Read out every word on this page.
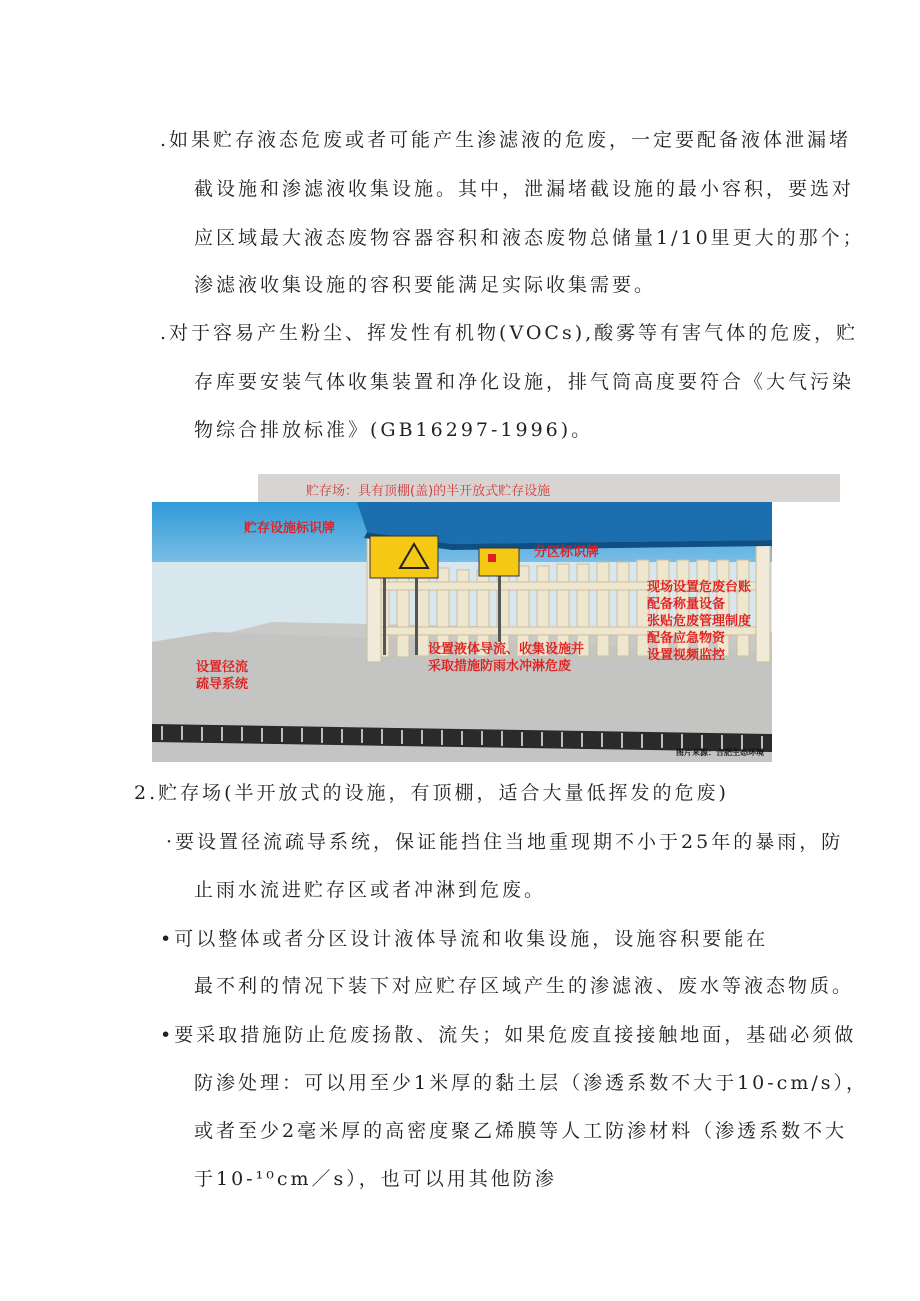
.如果贮存液态危废或者可能产生渗滤液的危废，一定要配备液体泄漏堵
截设施和渗滤液收集设施。其中，泄漏堵截设施的最小容积，要选对
应区域最大液态废物容器容积和液态废物总储量1/10里更大的那个；
渗滤液收集设施的容积要能满足实际收集需要。
.对于容易产生粉尘、挥发性有机物(VOCs),酸雾等有害气体的危废，贮
存库要安装气体收集装置和净化设施，排气筒高度要符合《大气污染
物综合排放标准》(GB16297-1996)。
贮存场：具有顶棚(盖)的半开放式贮存设施
贮存设施标识牌
分区标识牌
现场设置危废台账
配备称量设备
张贴危废管理制度
配备应急物资
设置视频监控
设置径流
疏导系统
设置液体导流、收集设施并
采取措施防雨水冲淋危废
图片来源：合肥生态环境
2.贮存场(半开放式的设施，有顶棚，适合大量低挥发的危废)
·要设置径流疏导系统，保证能挡住当地重现期不小于25年的暴雨，防
止雨水流进贮存区或者冲淋到危废。
•可以整体或者分区设计液体导流和收集设施，设施容积要能在
最不利的情况下装下对应贮存区域产生的渗滤液、废水等液态物质。
•要采取措施防止危废扬散、流失；如果危废直接接触地面，基础必须做
防渗处理：可以用至少1米厚的黏土层（渗透系数不大于10-cm/s），
或者至少2毫米厚的高密度聚乙烯膜等人工防渗材料（渗透系数不大
于10-¹⁰cm／s），也可以用其他防渗
